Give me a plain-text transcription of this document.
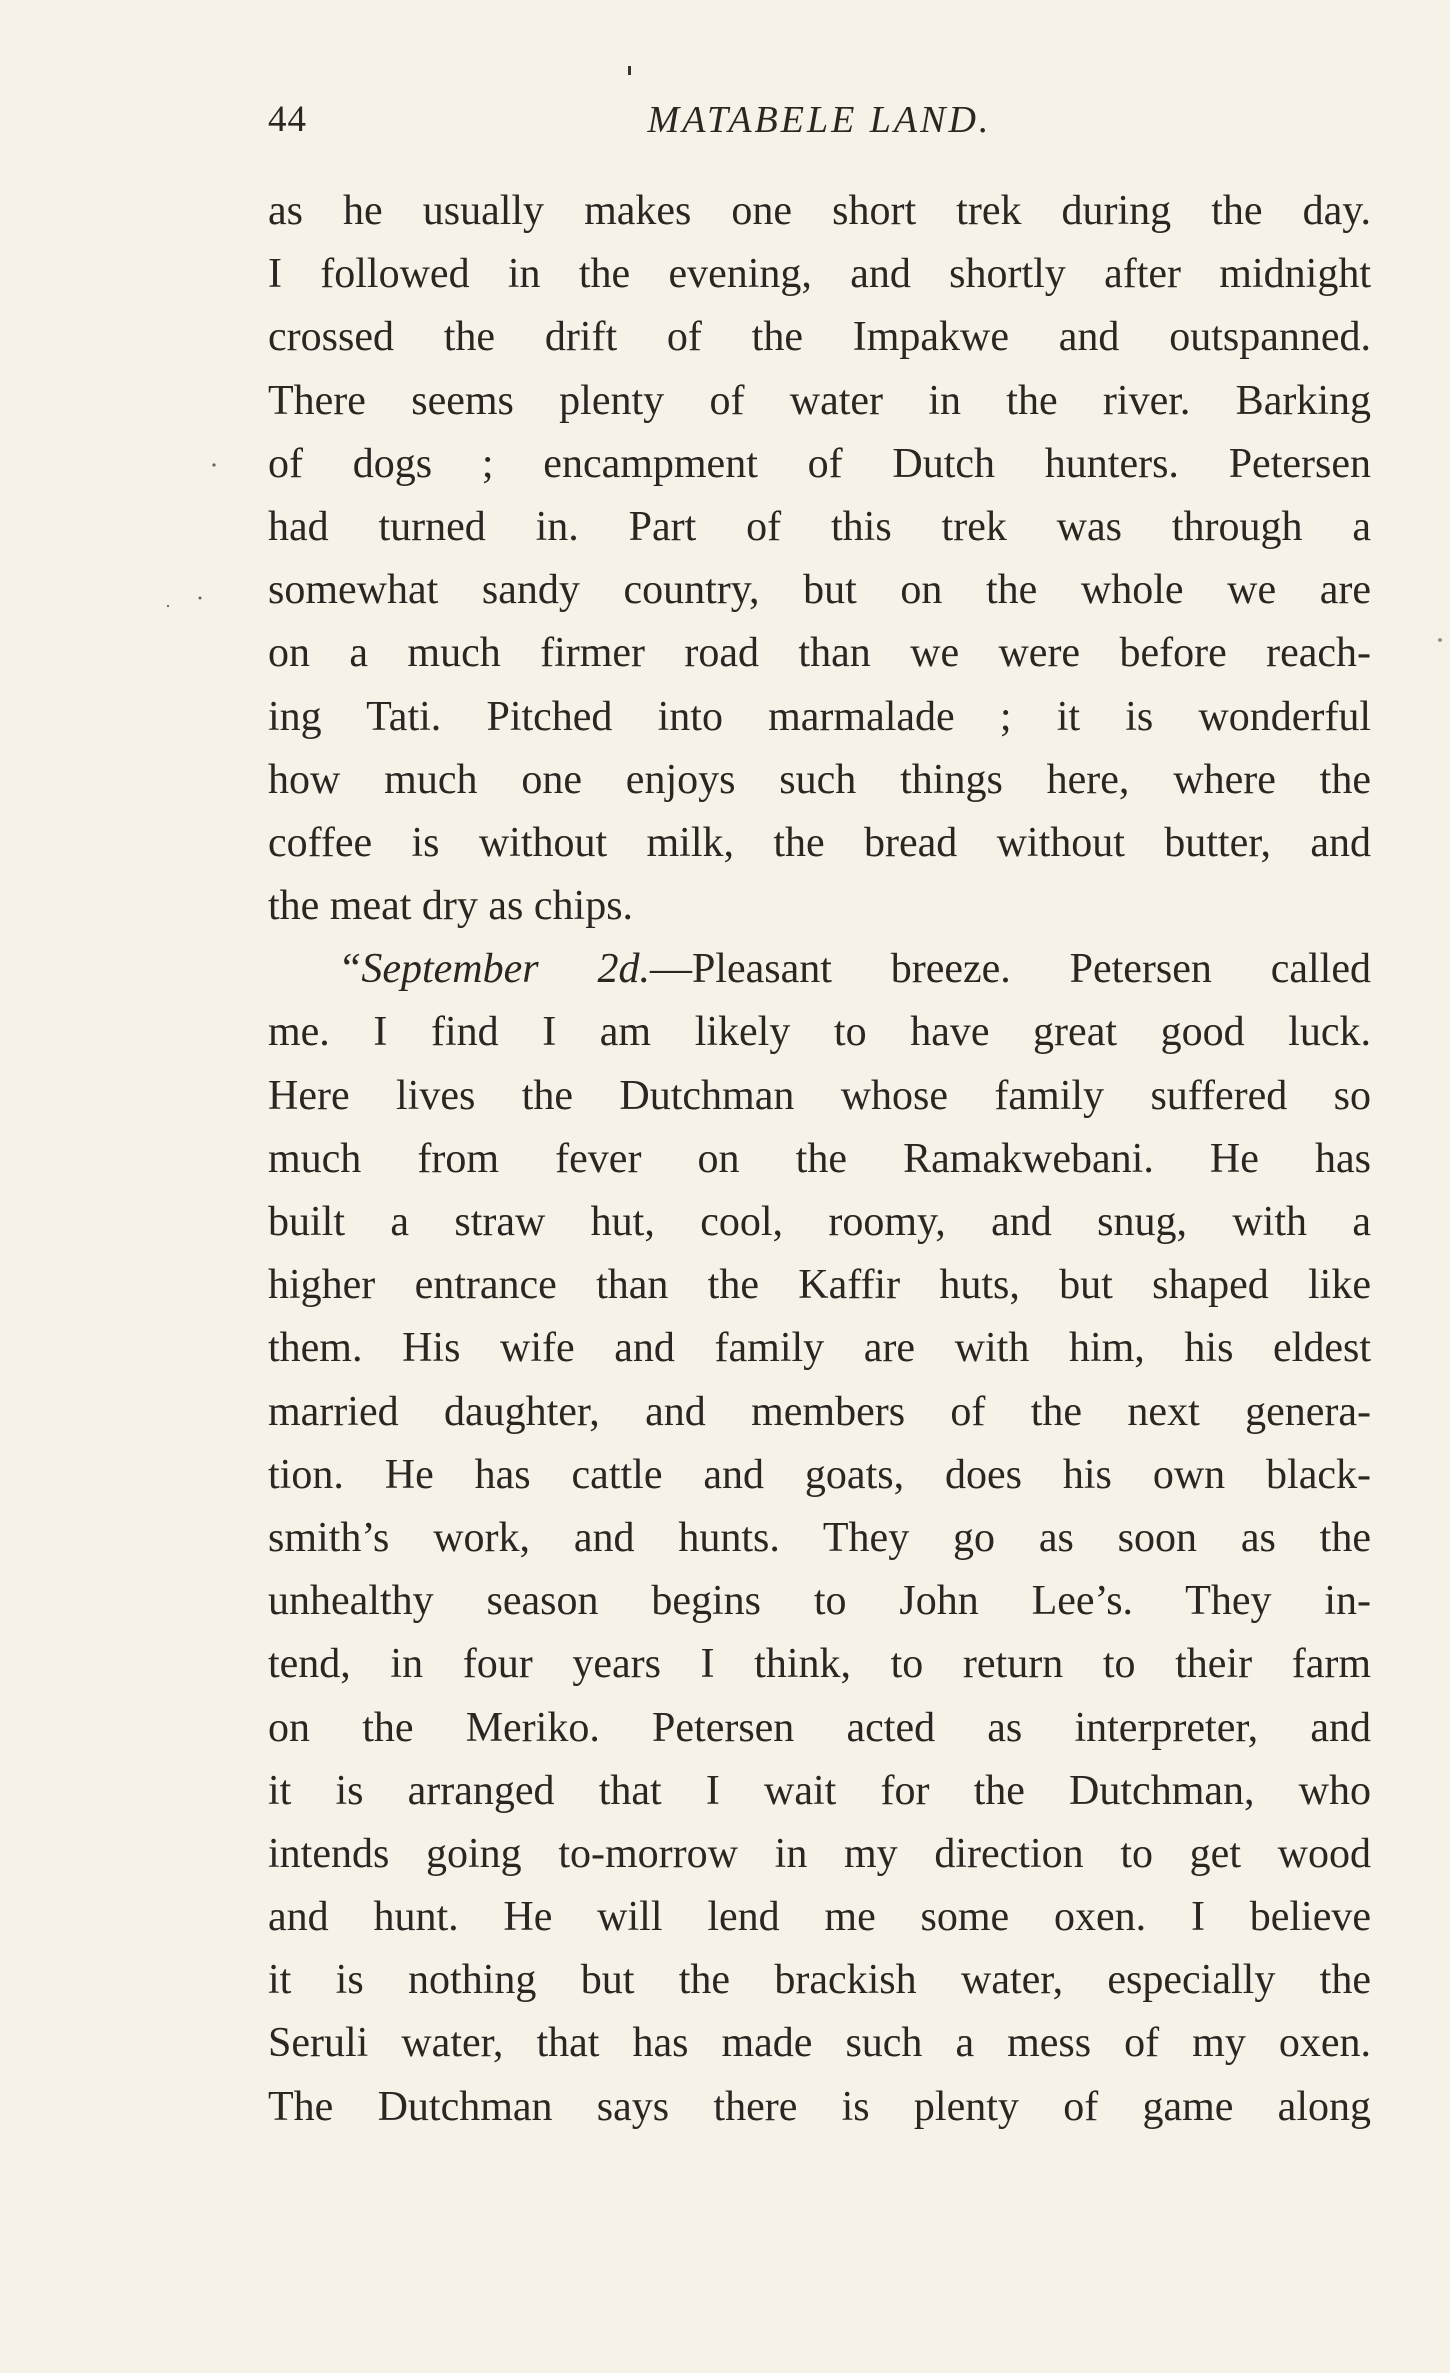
44	MATABELE LAND.
as he usually makes one short trek during the day.
I followed in the evening, and shortly after midnight
crossed the drift of the Impakwe and outspanned.
There seems plenty of water in the river. Barking
of dogs ; encampment of Dutch hunters. Petersen
had turned in. Part of this trek was through a
somewhat sandy country, but on the whole we are
on a much firmer road than we were before reach-
ing Tati. Pitched into marmalade ; it is wonderful
how much one enjoys such things here, where the
coffee is without milk, the bread without butter, and
the meat dry as chips.
“September 2d.—Pleasant breeze. Petersen called
me. I find I am likely to have great good luck.
Here lives the Dutchman whose family suffered so
much from fever on the Ramakwebani. He has
built a straw hut, cool, roomy, and snug, with a
higher entrance than the Kaffir huts, but shaped like
them. His wife and family are with him, his eldest
married daughter, and members of the next genera-
tion. He has cattle and goats, does his own black-
smith’s work, and hunts. They go as soon as the
unhealthy season begins to John Lee’s. They in-
tend, in four years I think, to return to their farm
on the Meriko. Petersen acted as interpreter, and
it is arranged that I wait for the Dutchman, who
intends going to-morrow in my direction to get wood
and hunt. He will lend me some oxen. I believe
it is nothing but the brackish water, especially the
Seruli water, that has made such a mess of my oxen.
The Dutchman says there is plenty of game along
